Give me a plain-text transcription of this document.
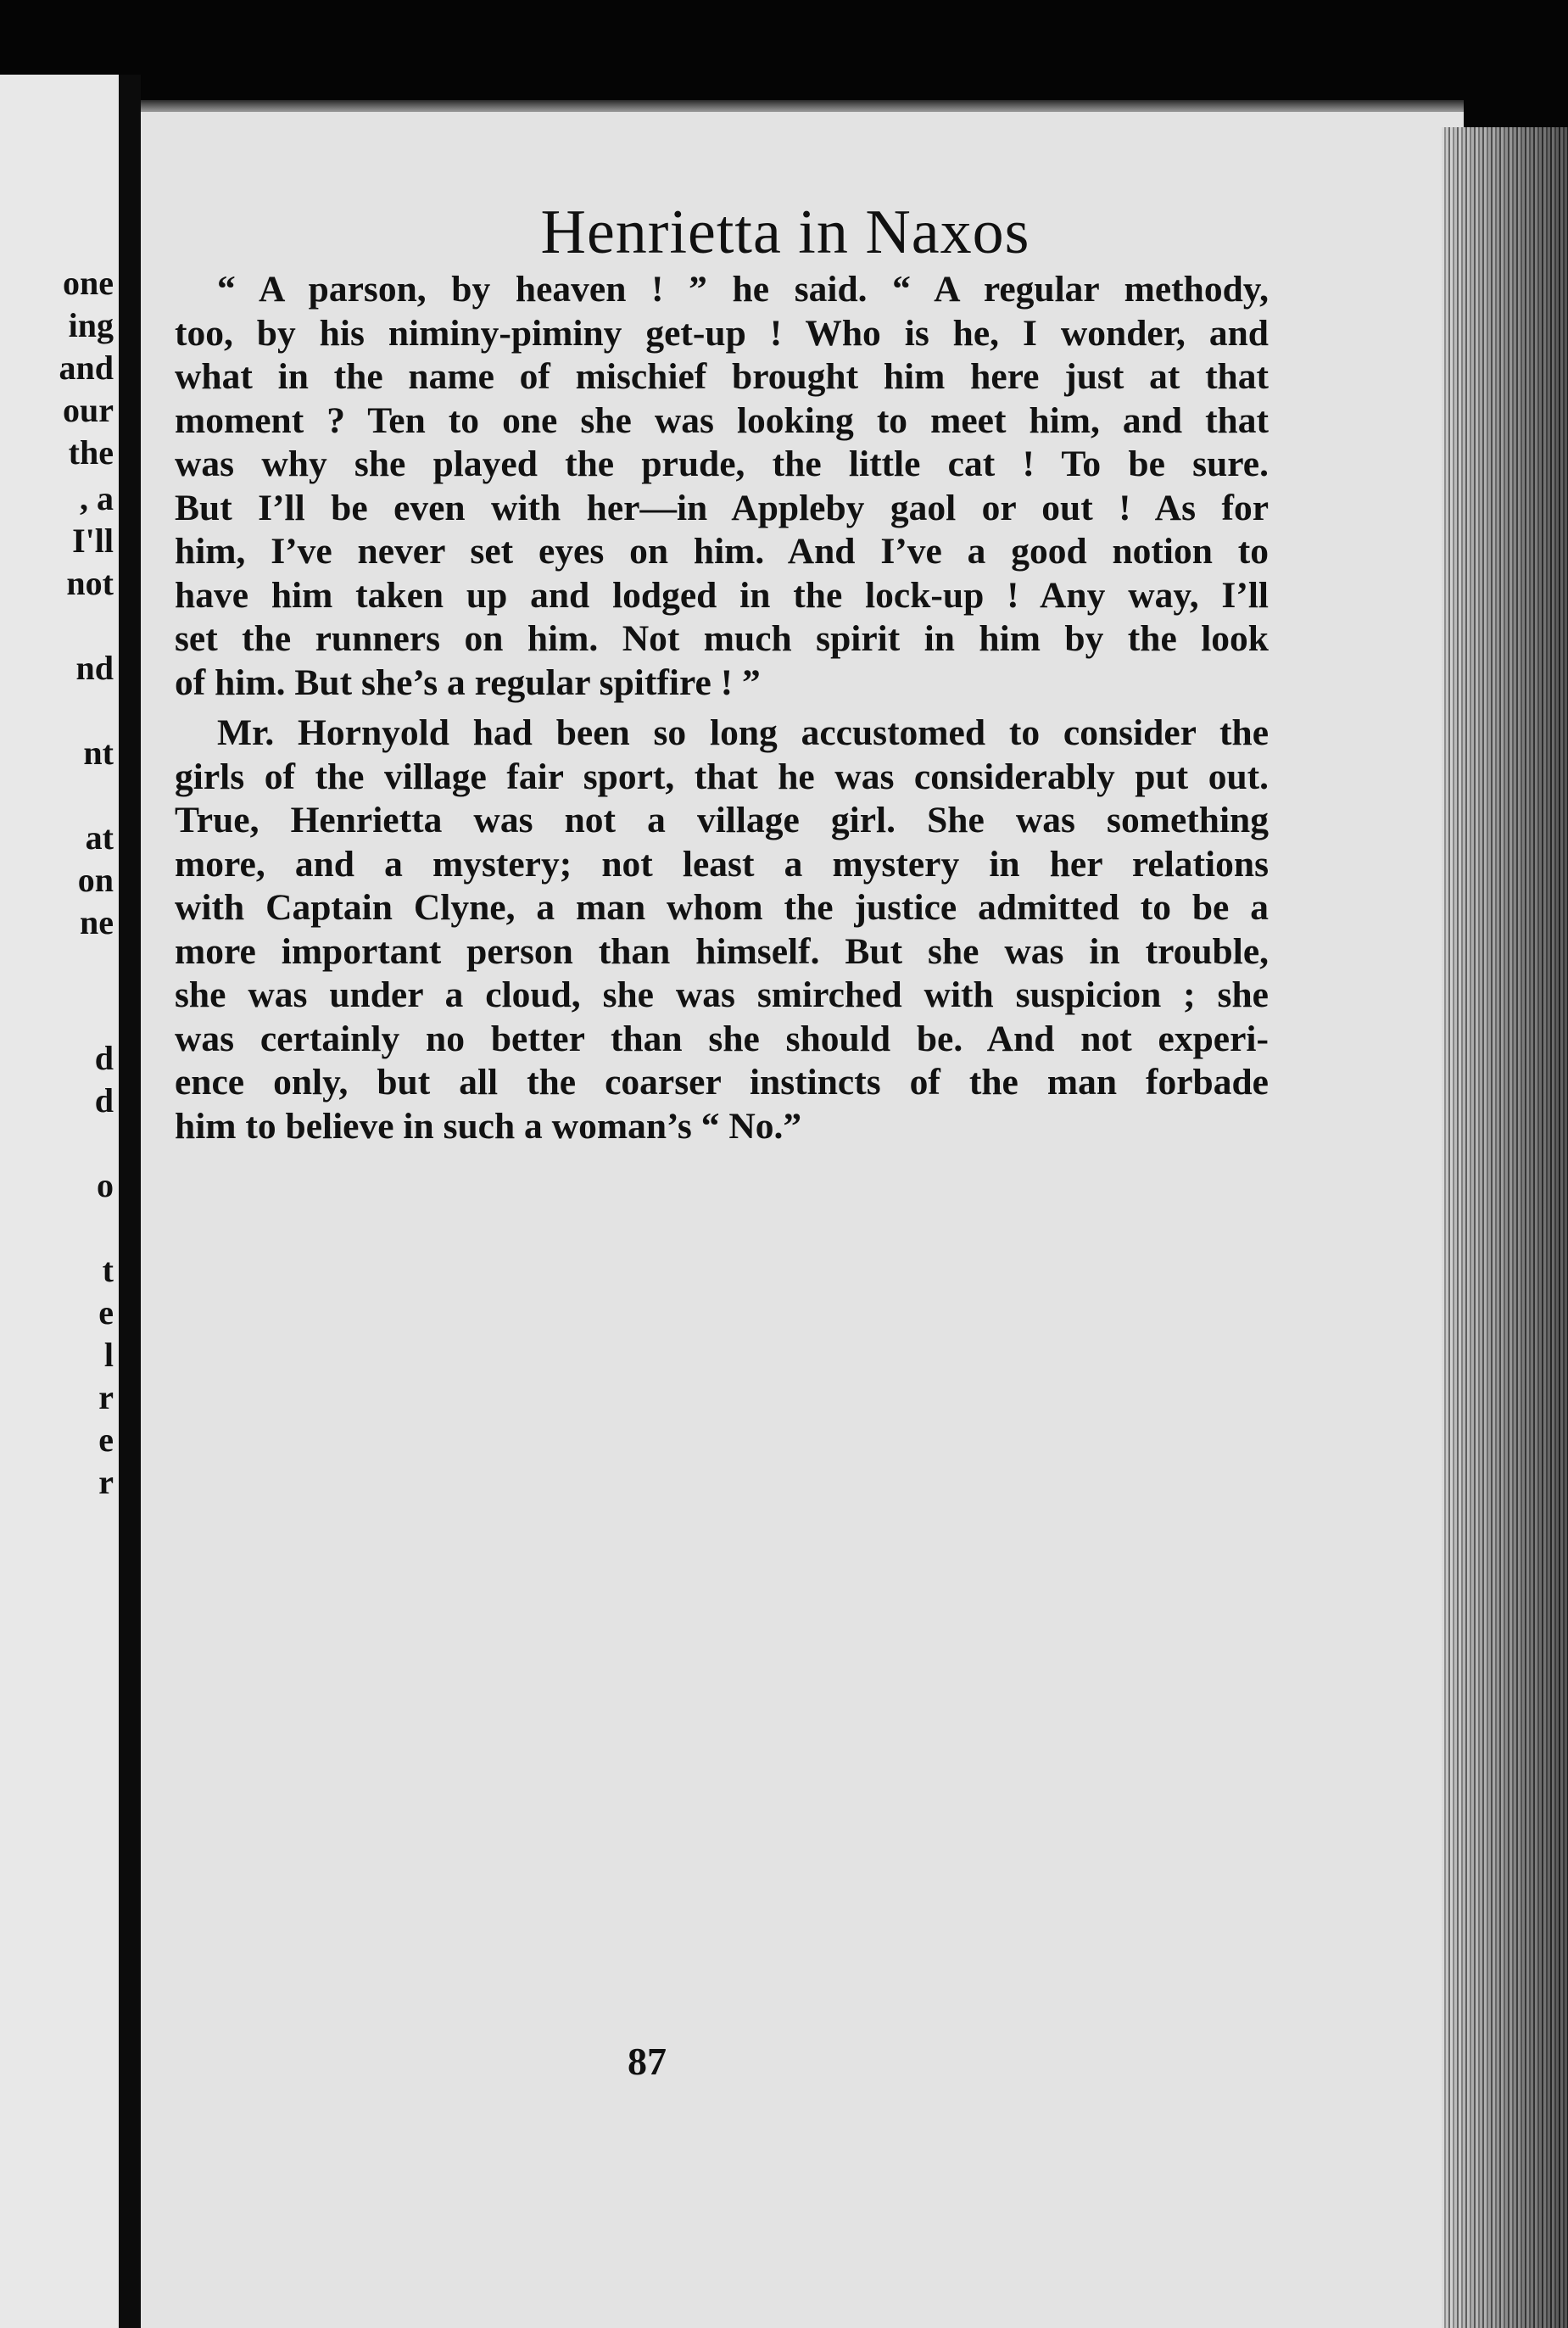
one
ing
and
our
the
, a
I'll
not
nd
nt
at
on
ne
d
d
o
t
e
l
r
e
r
Henrietta in Naxos

“ A parson, by heaven ! ” he said. “ A regular methody,
too, by his niminy-piminy get-up ! Who is he, I wonder, and
what in the name of mischief brought him here just at that
moment ? Ten to one she was looking to meet him, and that
was why she played the prude, the little cat ! To be sure.
But I’ll be even with her—in Appleby gaol or out ! As for
him, I’ve never set eyes on him. And I’ve a good notion to
have him taken up and lodged in the lock-up ! Any way, I’ll
set the runners on him. Not much spirit in him by the look
of him. But she’s a regular spitfire ! ”

Mr. Hornyold had been so long accustomed to consider the
girls of the village fair sport, that he was considerably put out.
True, Henrietta was not a village girl. She was something
more, and a mystery; not least a mystery in her relations
with Captain Clyne, a man whom the justice admitted to be a
more important person than himself. But she was in trouble,
she was under a cloud, she was smirched with suspicion ; she
was certainly no better than she should be. And not experi-
ence only, but all the coarser instincts of the man forbade
him to believe in such a woman’s “ No.”

87
